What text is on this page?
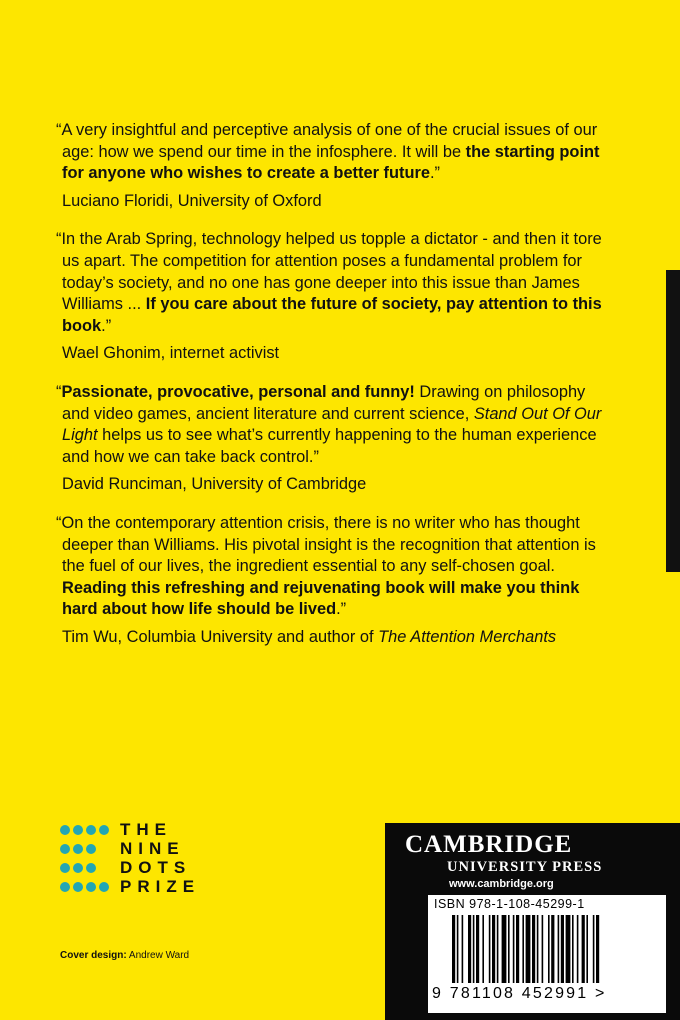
“A very insightful and perceptive analysis of one of the crucial issues of our age: how we spend our time in the infosphere. It will be the starting point for anyone who wishes to create a better future.”

Luciano Floridi, University of Oxford

“In the Arab Spring, technology helped us topple a dictator - and then it tore us apart. The competition for attention poses a fundamental problem for today’s society, and no one has gone deeper into this issue than James Williams ... If you care about the future of society, pay attention to this book.”

Wael Ghonim, internet activist

“Passionate, provocative, personal and funny! Drawing on philosophy and video games, ancient literature and current science, Stand Out Of Our Light helps us to see what’s currently happening to the human experience and how we can take back control.”

David Runciman, University of Cambridge

“On the contemporary attention crisis, there is no writer who has thought deeper than Williams. His pivotal insight is the recognition that attention is the fuel of our lives, the ingredient essential to any self-chosen goal. Reading this refreshing and rejuvenating book will make you think hard about how life should be lived.”

Tim Wu, Columbia University and author of The Attention Merchants
THE
NINE
DOTS
PRIZE
Cover design: Andrew Ward
CAMBRIDGE
UNIVERSITY PRESS
www.cambridge.org
ISBN 978-1-108-45299-1
9 781108 452991 >
